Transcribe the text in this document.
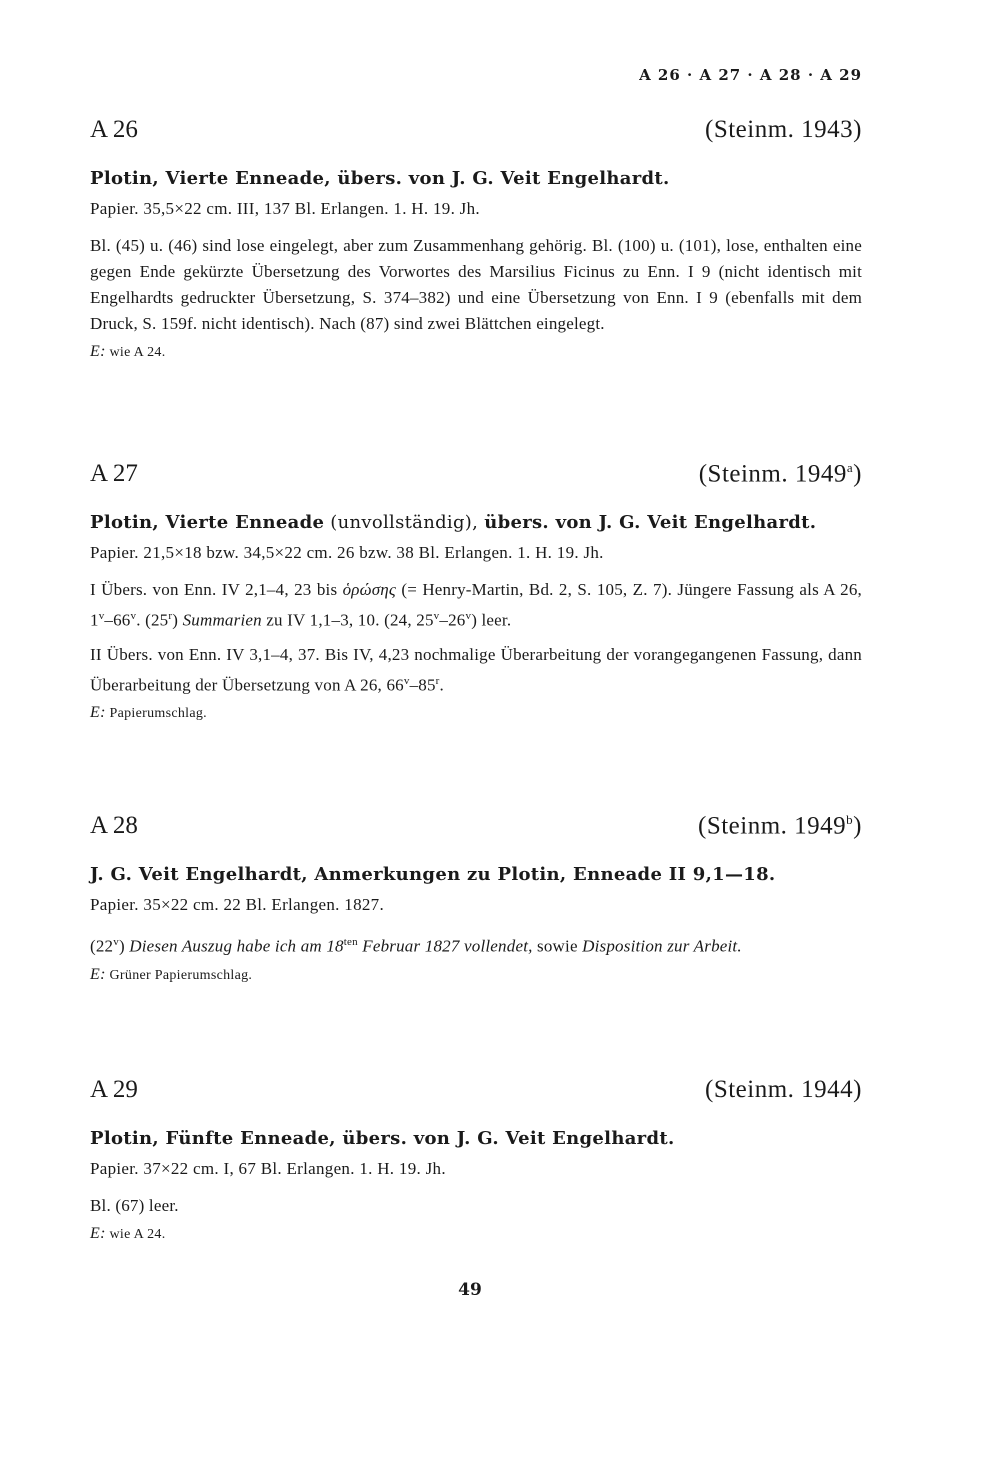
A 26 · A 27 · A 28 · A 29
A 26	(Steinm. 1943)
Plotin, Vierte Enneade, übers. von J. G. Veit Engelhardt.
Papier. 35,5×22 cm. III, 137 Bl. Erlangen. 1. H. 19. Jh.
Bl. (45) u. (46) sind lose eingelegt, aber zum Zusammenhang gehörig. Bl. (100) u. (101), lose, enthalten eine gegen Ende gekürzte Übersetzung des Vorwortes des Marsilius Ficinus zu Enn. I 9 (nicht identisch mit Engelhardts gedruckter Übersetzung, S. 374–382) und eine Übersetzung von Enn. I 9 (ebenfalls mit dem Druck, S. 159f. nicht identisch). Nach (87) sind zwei Blättchen eingelegt.
E: wie A 24.
A 27	(Steinm. 1949$^a$)
Plotin, Vierte Enneade (unvollständig), übers. von J. G. Veit Engelhardt.
Papier. 21,5×18 bzw. 34,5×22 cm. 26 bzw. 38 Bl. Erlangen. 1. H. 19. Jh.
I Übers. von Enn. IV 2,1–4, 23 bis ὁρώσης (= Henry-Martin, Bd. 2, S. 105, Z. 7). Jüngere Fassung als A 26, 1$^v$–66$^v$. (25$^r$) Summarien zu IV 1,1–3, 10. (24, 25$^v$–26$^v$) leer.
II Übers. von Enn. IV 3,1–4, 37. Bis IV, 4,23 nochmalige Überarbeitung der vorangegangenen Fassung, dann Überarbeitung der Übersetzung von A 26, 66$^v$–85$^r$.
E: Papierumschlag.
A 28	(Steinm. 1949$^b$)
J. G. Veit Engelhardt, Anmerkungen zu Plotin, Enneade II 9,1—18.
Papier. 35×22 cm. 22 Bl. Erlangen. 1827.
(22$^v$) Diesen Auszug habe ich am $18^{ten}$ Februar 1827 vollendet, sowie Disposition zur Arbeit.
E: Grüner Papierumschlag.
A 29	(Steinm. 1944)
Plotin, Fünfte Enneade, übers. von J. G. Veit Engelhardt.
Papier. 37×22 cm. I, 67 Bl. Erlangen. 1. H. 19. Jh.
Bl. (67) leer.
E: wie A 24.
49
